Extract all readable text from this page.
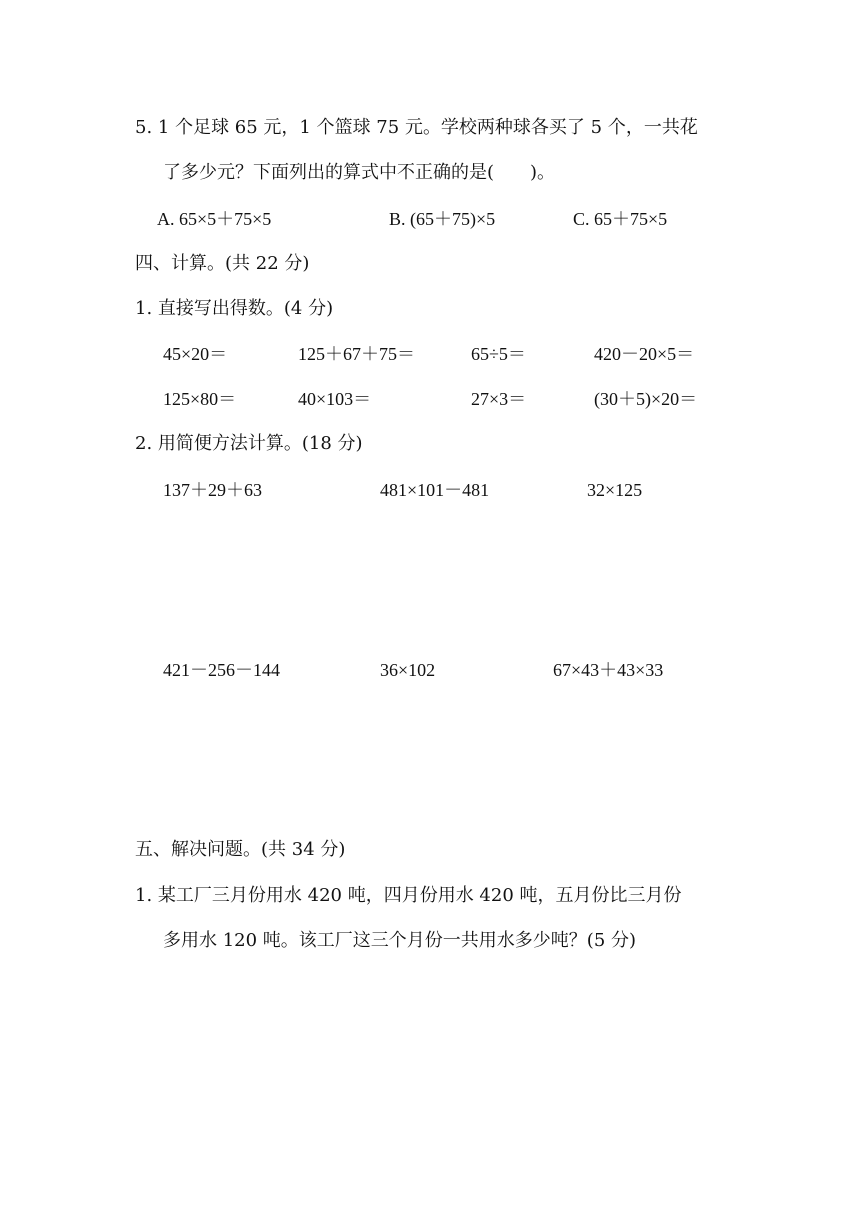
5. 1 个足球 65 元，1 个篮球 75 元。学校两种球各买了 5 个，一共花
了多少元？下面列出的算式中不正确的是(　　)。
A. 65×5＋75×5	B. (65＋75)×5	C. 65＋75×5
四、计算。(共 22 分)
1. 直接写出得数。(4 分)
45×20＝	125＋67＋75＝	65÷5＝	420－20×5＝
125×80＝	40×103＝	27×3＝	(30＋5)×20＝
2. 用简便方法计算。(18 分)
137＋29＋63	481×101－481	32×125
421－256－144	36×102	67×43＋43×33
五、解决问题。(共 34 分)
1. 某工厂三月份用水 420 吨，四月份用水 420 吨，五月份比三月份
多用水 120 吨。该工厂这三个月份一共用水多少吨？(5 分)
